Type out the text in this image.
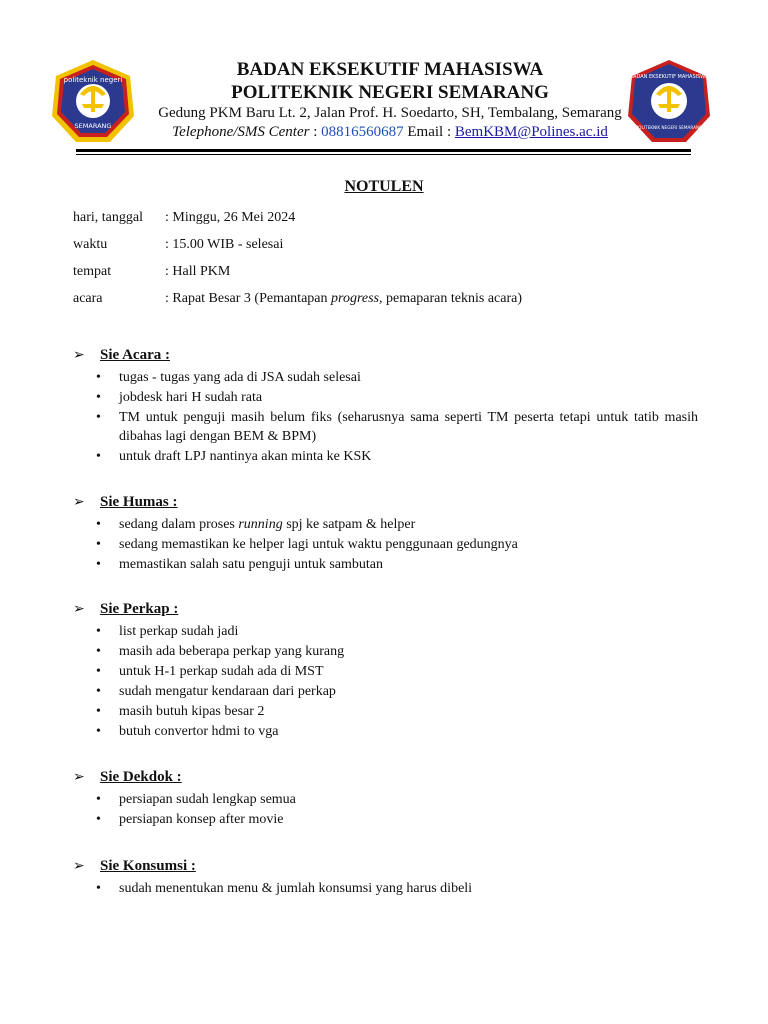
politeknik negeri
SEMARANG
BADAN EKSEKUTIF MAHASISWA
POLITEKNIK NEGERI SEMARANG
BADAN EKSEKUTIF MAHASISWA
POLITEKNIK NEGERI SEMARANG
Gedung PKM Baru Lt. 2, Jalan Prof. H. Soedarto, SH, Tembalang, Semarang
Telephone/SMS Center : 08816560687 Email : BemKBM@Polines.ac.id
NOTULEN
hari, tanggal : Minggu, 26 Mei 2024
waktu	: 15.00 WIB - selesai
tempat	: Hall PKM
acara	: Rapat Besar 3 (Pemantapan progress, pemaparan teknis acara)
➢ Sie Acara :
• tugas - tugas yang ada di JSA sudah selesai
• jobdesk hari H sudah rata
• TM untuk penguji masih belum fiks (seharusnya sama seperti TM peserta tetapi untuk tatib masih dibahas lagi dengan BEM & BPM)
• untuk draft LPJ nantinya akan minta ke KSK
➢ Sie Humas :
• sedang dalam proses running spj ke satpam & helper
• sedang memastikan ke helper lagi untuk waktu penggunaan gedungnya
• memastikan salah satu penguji untuk sambutan
➢ Sie Perkap :
• list perkap sudah jadi
• masih ada beberapa perkap yang kurang
• untuk H-1 perkap sudah ada di MST
• sudah mengatur kendaraan dari perkap
• masih butuh kipas besar 2
• butuh convertor hdmi to vga
➢ Sie Dekdok :
• persiapan sudah lengkap semua
• persiapan konsep after movie
➢ Sie Konsumsi :
• sudah menentukan menu & jumlah konsumsi yang harus dibeli
